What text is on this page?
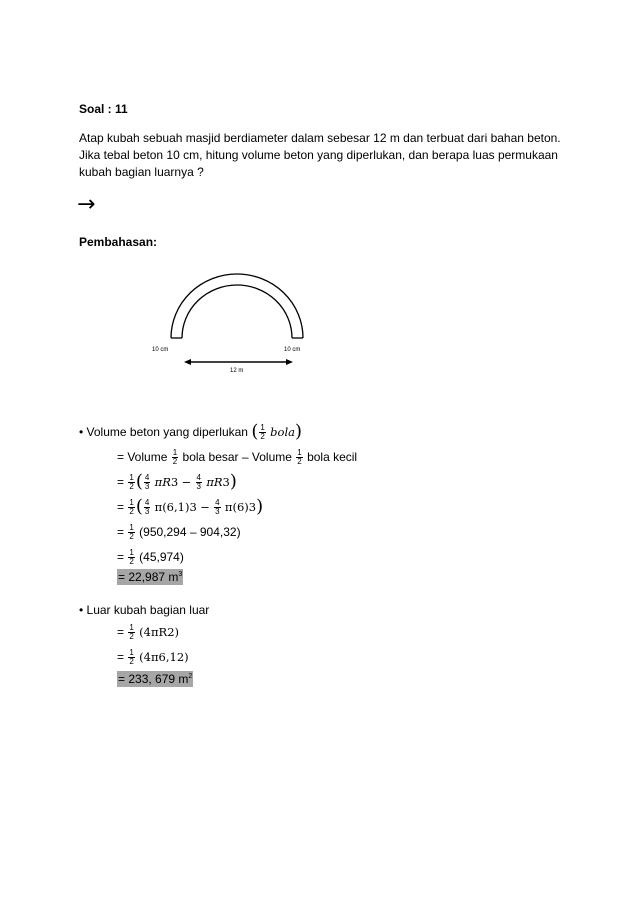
Soal : 11
Atap kubah sebuah masjid berdiameter dalam sebesar 12 m dan terbuat dari bahan beton. Jika tebal beton 10 cm, hitung volume beton yang diperlukan, dan berapa luas permukaan kubah bagian luarnya ?
→
Pembahasan:
10 cm	10 cm
12 m
• Volume beton yang diperlukan
( $\frac{1}{2}$
bola )
= Volume
$\frac{1}{2}$
bola besar – Volume
$\frac{1}{2}$
bola kecil
=
$\frac{1}{2}$ ( $\frac{4}{3}$
πR 3
−
$\frac{4}{3}$
πR 3 )
=
$\frac{1}{2}$ ( $\frac{4}{3}$
π(6,1) 3
−
$\frac{4}{3}$
π(6) 3 )
=
$\frac{1}{2}$
(950,294 – 904,32)
=
$\frac{1}{2}$
(45,974)
= 22,987 $m^3$
• Luar kubah bagian luar
=
$\frac{1}{2}$
(4πR 2 )
=
$\frac{1}{2}$
(4π6,1 2 )
= 233, 679 $m^2$
